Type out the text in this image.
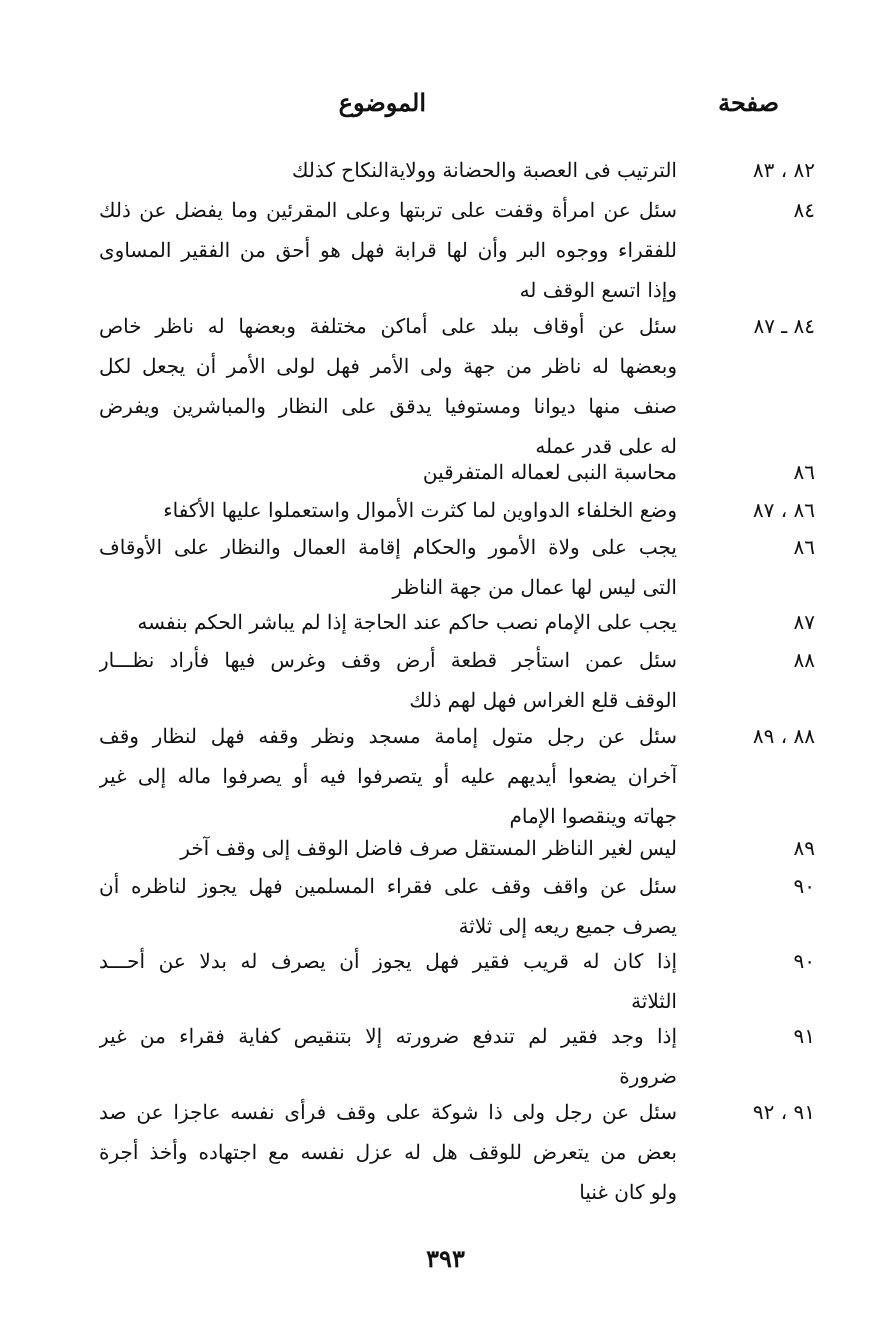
صفحة
الموضوع
٨٢ ، ٨٣
الترتيب فى العصبة والحضانة وولايةالنكاح كذلك
٨٤
سئل عن امرأة وقفت على تربتها وعلى المقرئين وما يفضل عن ذلك
للفقراء ووجوه البر وأن لها قرابة فهل هو أحق من الفقير المساوى
وإذا اتسع الوقف له
٨٤ ـ ٨٧
سئل عن أوقاف ببلد على أماكن مختلفة وبعضها له ناظر خاص
وبعضها له ناظر من جهة ولى الأمر فهل لولى الأمر أن يجعل لكل
صنف منها ديوانا ومستوفيا يدقق على النظار والمباشرين ويفرض
له على قدر عمله
٨٦
محاسبة النبى لعماله المتفرقين
٨٦ ، ٨٧
وضع الخلفاء الدواوين لما كثرت الأموال واستعملوا عليها الأكفاء
٨٦
يجب على ولاة الأمور والحكام إقامة العمال والنظار على الأوقاف
التى ليس لها عمال من جهة الناظر
٨٧
يجب على الإمام نصب حاكم عند الحاجة إذا لم يباشر الحكم بنفسه
٨٨
سئل عمن استأجر قطعة أرض وقف وغرس فيها فأراد نظـــار
الوقف قلع الغراس فهل لهم ذلك
٨٨ ، ٨٩
سئل عن رجل متول إمامة مسجد ونظر وقفه فهل لنظار وقف
آخران يضعوا أيديهم عليه أو يتصرفوا فيه أو يصرفوا ماله إلى غير
جهاته وينقصوا الإمام
٨٩
ليس لغير الناظر المستقل صرف فاضل الوقف إلى وقف آخر
٩٠
سئل عن واقف وقف على فقراء المسلمين فهل يجوز لناظره أن
يصرف جميع ريعه إلى ثلاثة
٩٠
إذا كان له قريب فقير فهل يجوز أن يصرف له بدلا عن أحـــد
الثلاثة
٩١
إذا وجد فقير لم تندفع ضرورته إلا بتنقيص كفاية فقراء من غير
ضرورة
٩١ ، ٩٢
سئل عن رجل ولى ذا شوكة على وقف فرأى نفسه عاجزا عن صد
بعض من يتعرض للوقف هل له عزل نفسه مع اجتهاده وأخذ أجرة
ولو كان غنيا
٣٩٣
